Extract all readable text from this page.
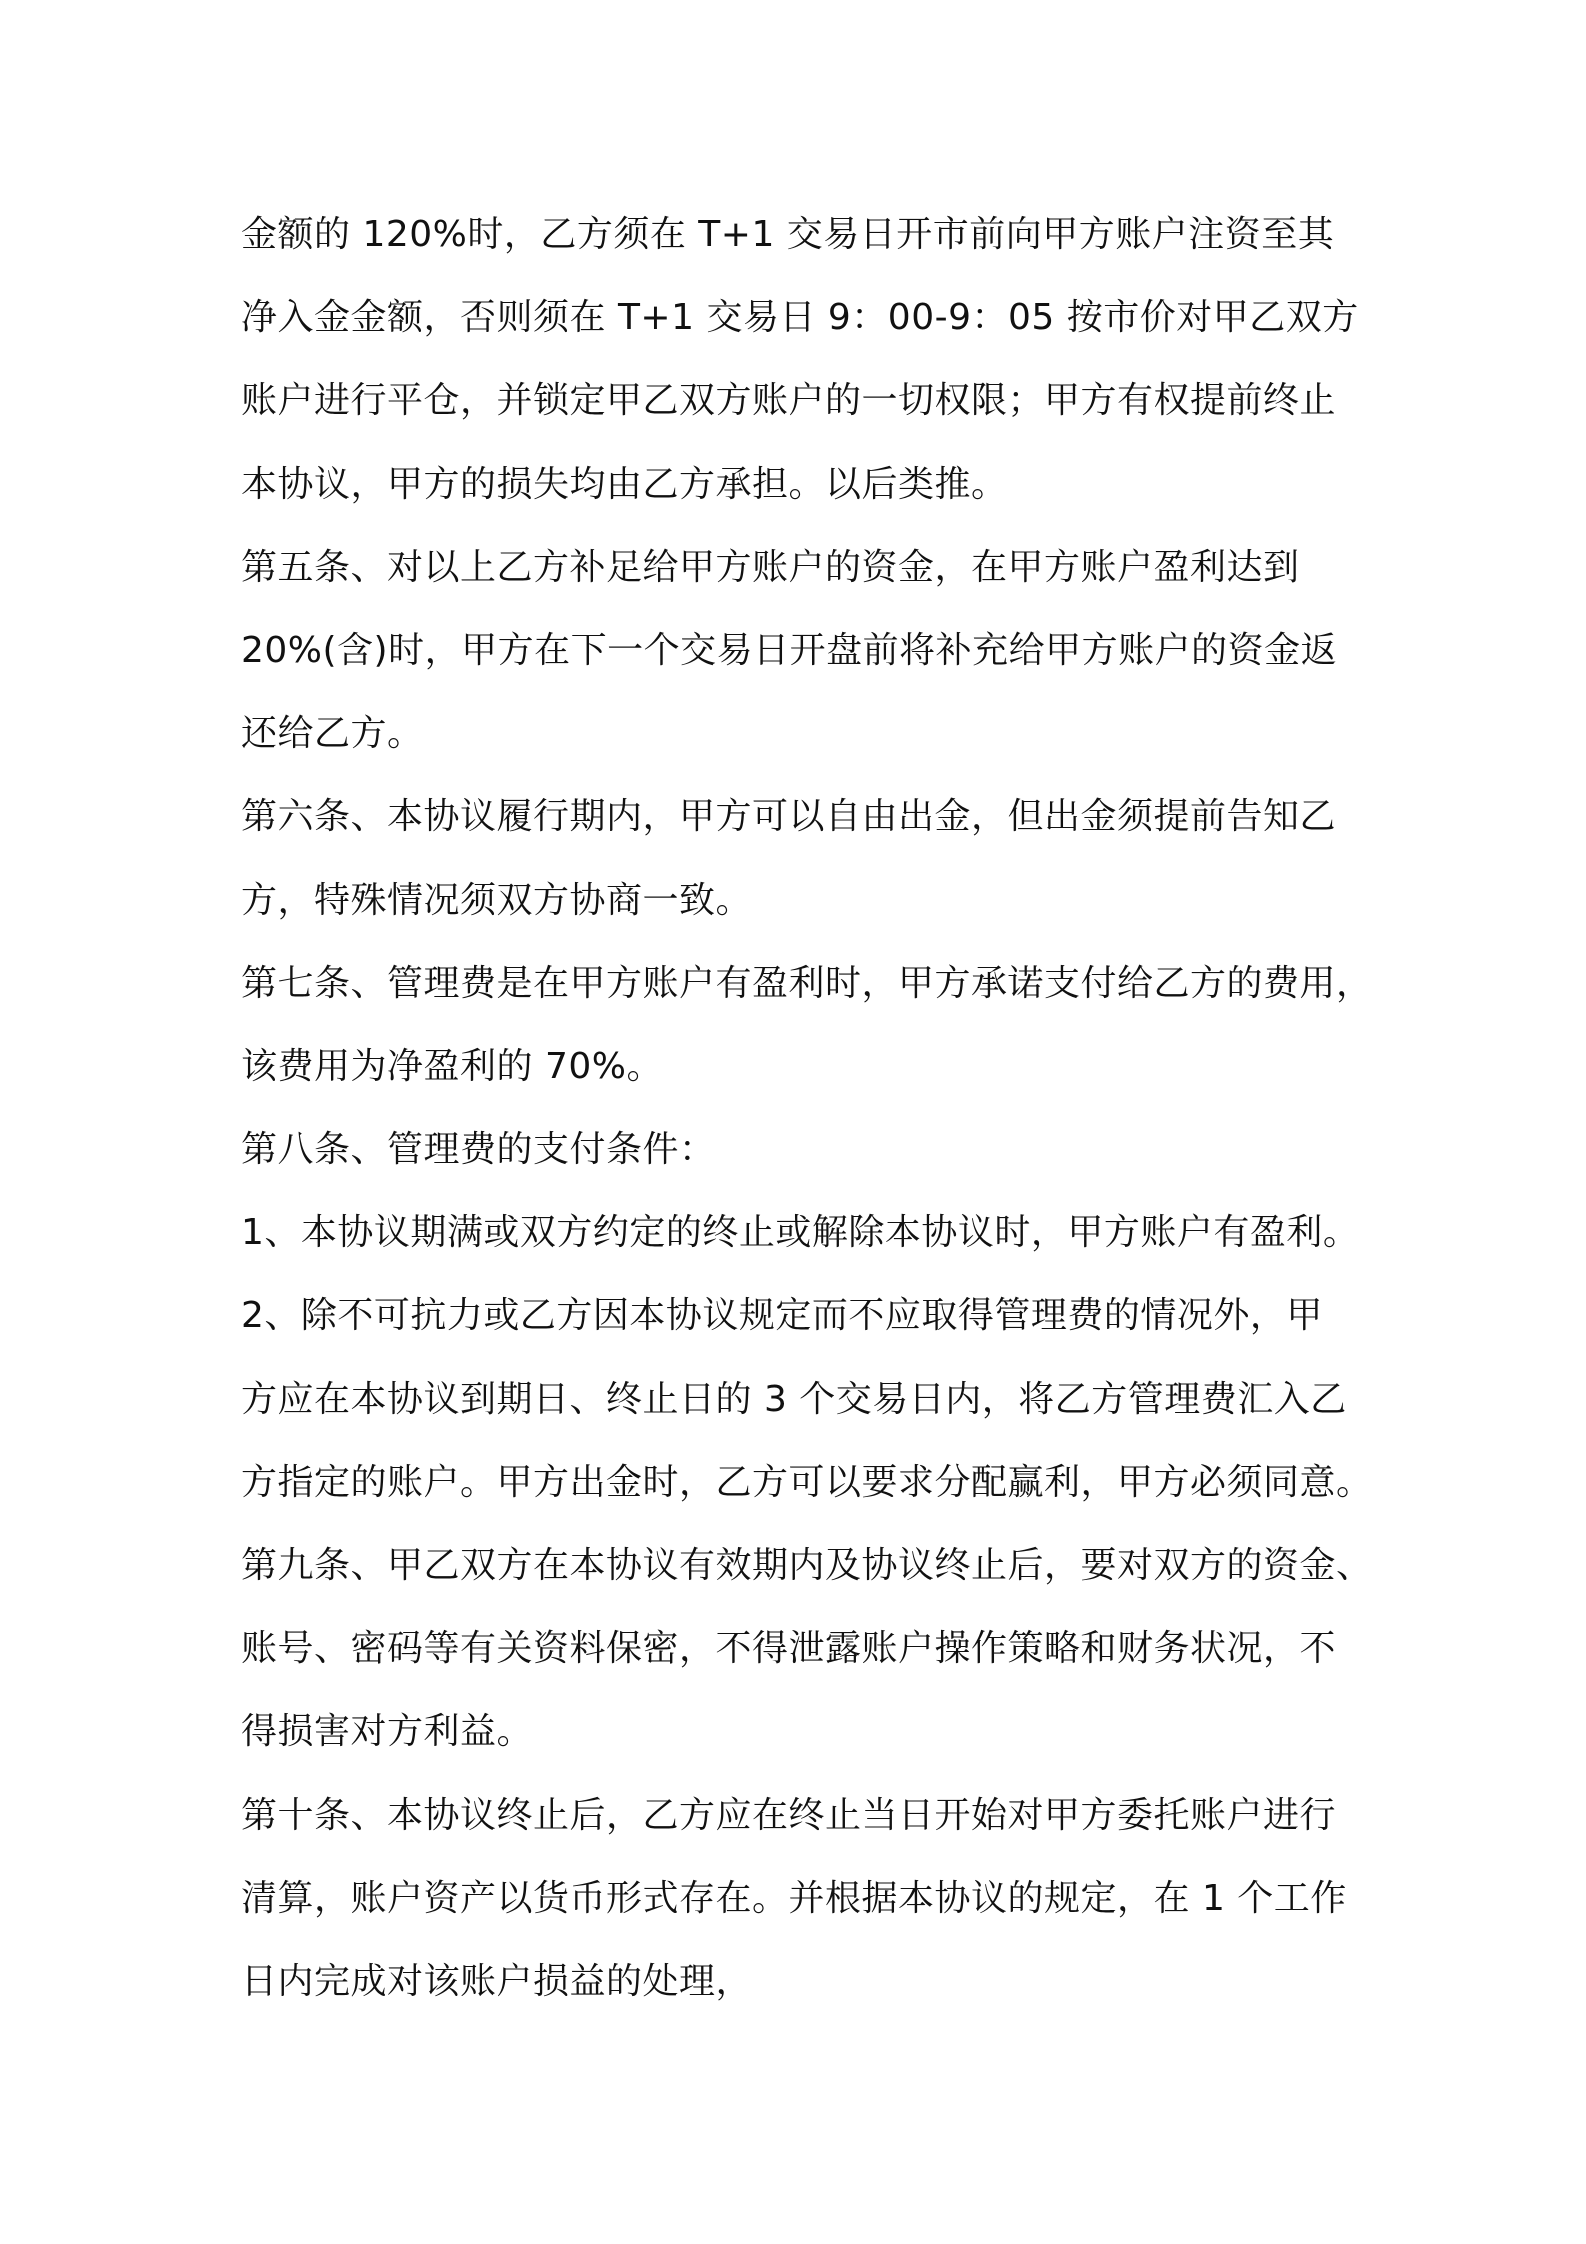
金额的 120%时，乙方须在 T+1 交易日开市前向甲方账户注资至其
净入金金额，否则须在 T+1 交易日 9：00-9：05 按市价对甲乙双方
账户进行平仓，并锁定甲乙双方账户的一切权限；甲方有权提前终止
本协议，甲方的损失均由乙方承担。以后类推。
第五条、对以上乙方补足给甲方账户的资金，在甲方账户盈利达到
20%(含)时，甲方在下一个交易日开盘前将补充给甲方账户的资金返
还给乙方。
第六条、本协议履行期内，甲方可以自由出金，但出金须提前告知乙
方，特殊情况须双方协商一致。
第七条、管理费是在甲方账户有盈利时，甲方承诺支付给乙方的费用，
该费用为净盈利的 70%。
第八条、管理费的支付条件：
1、本协议期满或双方约定的终止或解除本协议时，甲方账户有盈利。
2、除不可抗力或乙方因本协议规定而不应取得管理费的情况外，甲
方应在本协议到期日、终止日的 3 个交易日内，将乙方管理费汇入乙
方指定的账户。甲方出金时，乙方可以要求分配赢利，甲方必须同意。
第九条、甲乙双方在本协议有效期内及协议终止后，要对双方的资金、
账号、密码等有关资料保密，不得泄露账户操作策略和财务状况，不
得损害对方利益。
第十条、本协议终止后，乙方应在终止当日开始对甲方委托账户进行
清算，账户资产以货币形式存在。并根据本协议的规定，在 1 个工作
日内完成对该账户损益的处理，
